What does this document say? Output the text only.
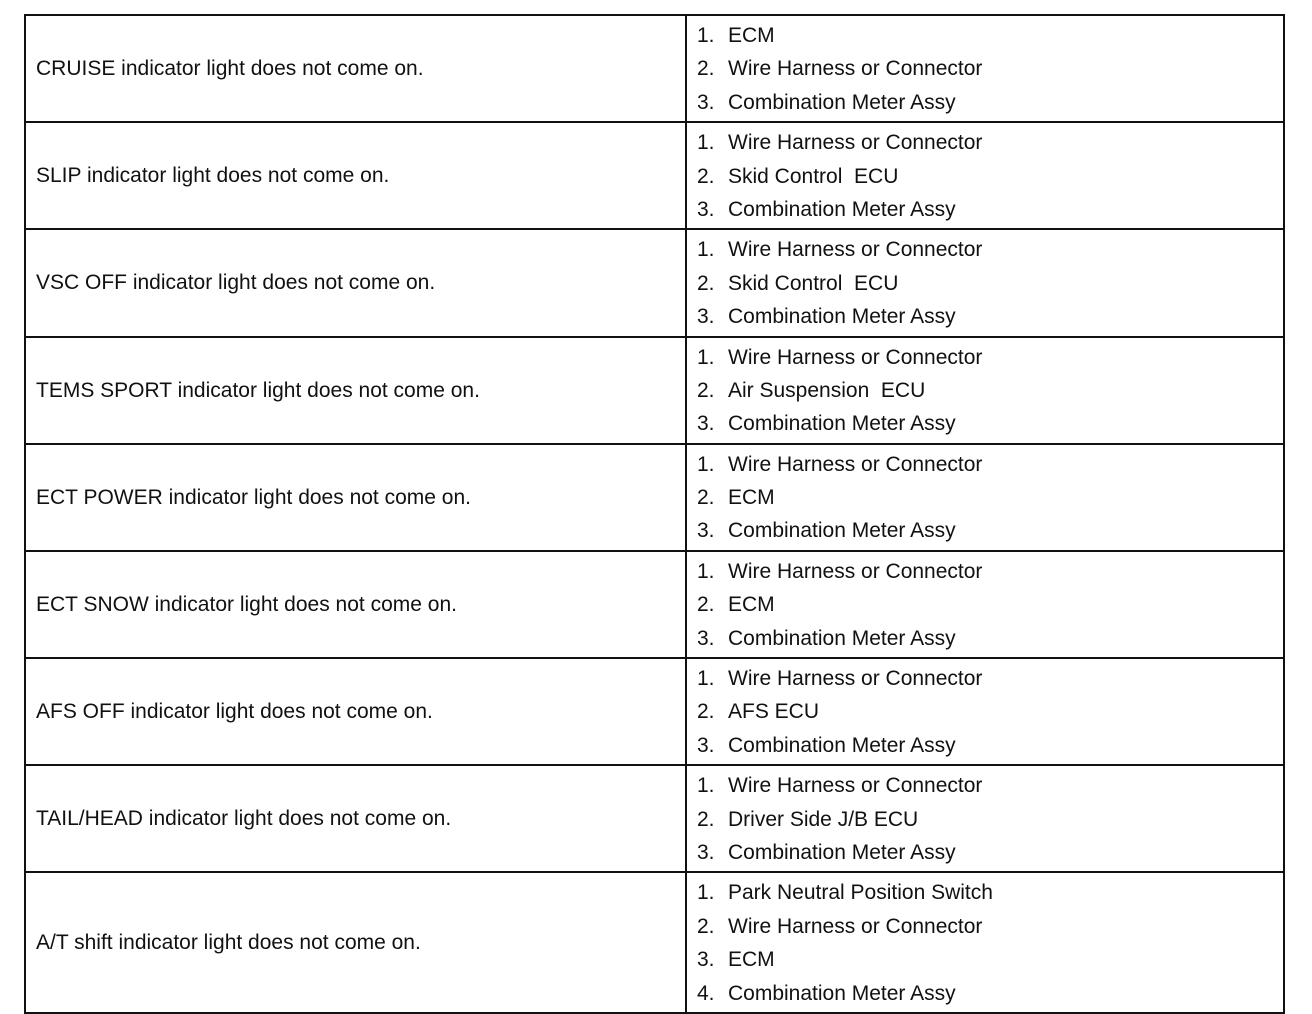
CRUISE indicator light does not come on.	1. ECM
2. Wire Harness or Connector
3. Combination Meter Assy

SLIP indicator light does not come on.	1. Wire Harness or Connector
2. Skid Control  ECU
3. Combination Meter Assy

VSC OFF indicator light does not come on.	1. Wire Harness or Connector
2. Skid Control  ECU
3. Combination Meter Assy

TEMS SPORT indicator light does not come on.	1. Wire Harness or Connector
2. Air Suspension  ECU
3. Combination Meter Assy

ECT POWER indicator light does not come on.	1. Wire Harness or Connector
2. ECM
3. Combination Meter Assy

ECT SNOW indicator light does not come on.	1. Wire Harness or Connector
2. ECM
3. Combination Meter Assy

AFS OFF indicator light does not come on.	1. Wire Harness or Connector
2. AFS ECU
3. Combination Meter Assy

TAIL/HEAD indicator light does not come on.	1. Wire Harness or Connector
2. Driver Side J/B ECU
3. Combination Meter Assy

A/T shift indicator light does not come on.	1. Park Neutral Position Switch
2. Wire Harness or Connector
3. ECM
4. Combination Meter Assy
